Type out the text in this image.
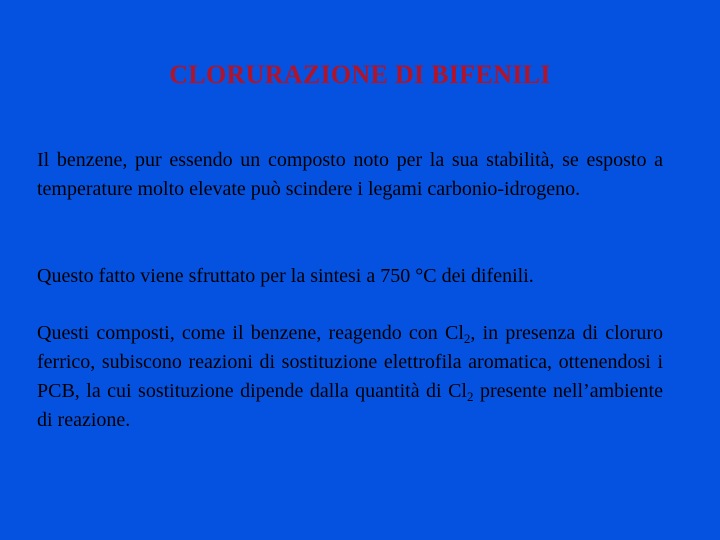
CLORURAZIONE DI BIFENILI
Il benzene, pur essendo un composto noto per la sua stabilità, se esposto a temperature molto elevate può scindere i legami carbonio-idrogeno.
Questo fatto viene sfruttato per la sintesi a 750 °C dei difenili.
Questi composti, come il benzene, reagendo con $Cl_2$, in presenza di cloruro ferrico, subiscono reazioni di sostituzione elettrofila aromatica, ottenendosi i PCB, la cui sostituzione dipende dalla quantità di $Cl_2$ presente nell’ambiente di reazione.
